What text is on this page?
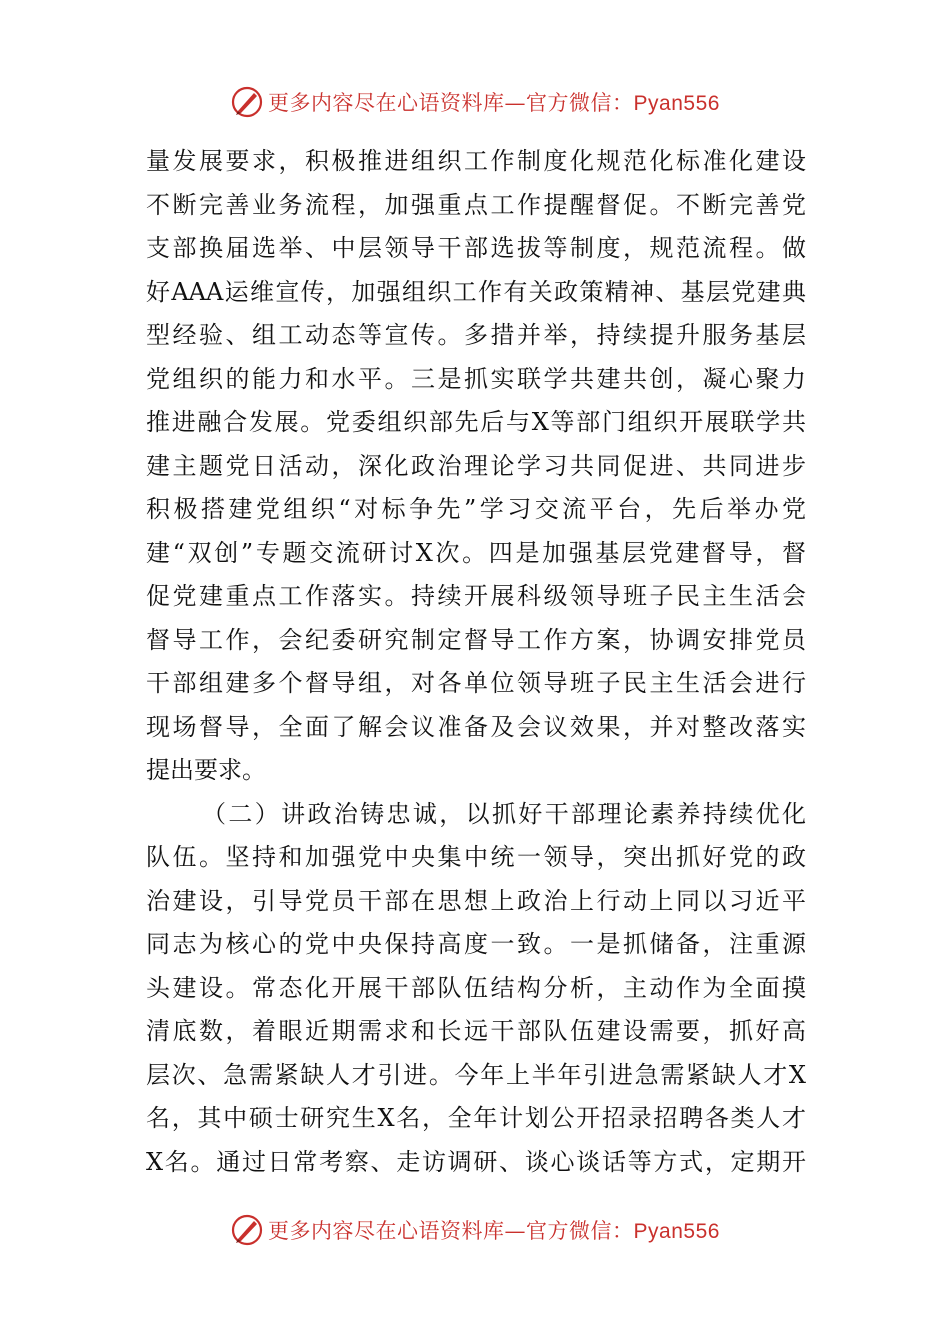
更多内容尽在心语资料库—官方微信：Pyan556
量发展要求，积极推进组织工作制度化规范化标准化建设
不断完善业务流程，加强重点工作提醒督促。不断完善党
支部换届选举、中层领导干部选拔等制度，规范流程。做
好AAA运维宣传，加强组织工作有关政策精神、基层党建典
型经验、组工动态等宣传。多措并举，持续提升服务基层
党组织的能力和水平。三是抓实联学共建共创，凝心聚力
推进融合发展。党委组织部先后与X等部门组织开展联学共
建主题党日活动，深化政治理论学习共同促进、共同进步
积极搭建党组织“对标争先”学习交流平台，先后举办党
建“双创”专题交流研讨X次。四是加强基层党建督导，督
促党建重点工作落实。持续开展科级领导班子民主生活会
督导工作，会纪委研究制定督导工作方案，协调安排党员
干部组建多个督导组，对各单位领导班子民主生活会进行
现场督导，全面了解会议准备及会议效果，并对整改落实
提出要求。
（二）讲政治铸忠诚，以抓好干部理论素养持续优化
队伍。坚持和加强党中央集中统一领导，突出抓好党的政
治建设，引导党员干部在思想上政治上行动上同以习近平
同志为核心的党中央保持高度一致。一是抓储备，注重源
头建设。常态化开展干部队伍结构分析，主动作为全面摸
清底数，着眼近期需求和长远干部队伍建设需要，抓好高
层次、急需紧缺人才引进。今年上半年引进急需紧缺人才X
名，其中硕士研究生X名，全年计划公开招录招聘各类人才
X名。通过日常考察、走访调研、谈心谈话等方式，定期开
更多内容尽在心语资料库—官方微信：Pyan556
